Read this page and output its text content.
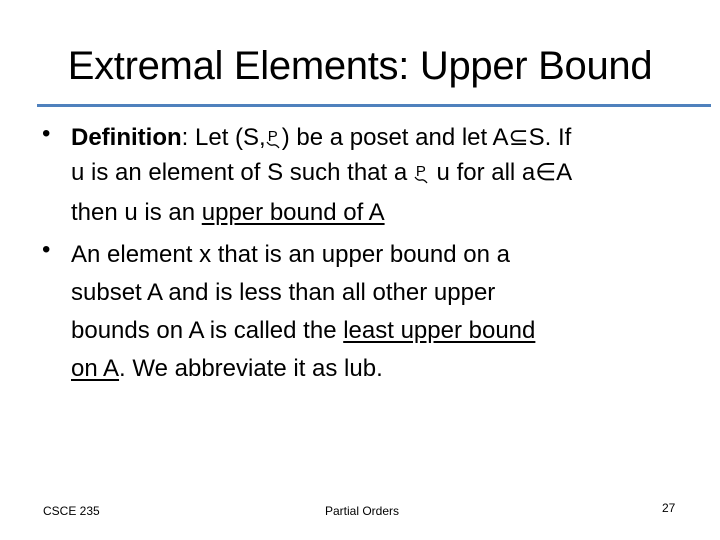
Extremal Elements: Upper Bound
• Definition: Let (S, P ) be a poset and let A⊆S. If
u is an element of S such that a P u for all a∈A
then u is an upper bound of A
• An element x that is an upper bound on a
subset A and is less than all other upper
bounds on A is called the least upper bound
on A. We abbreviate it as lub.
CSCE 235	Partial Orders	27
